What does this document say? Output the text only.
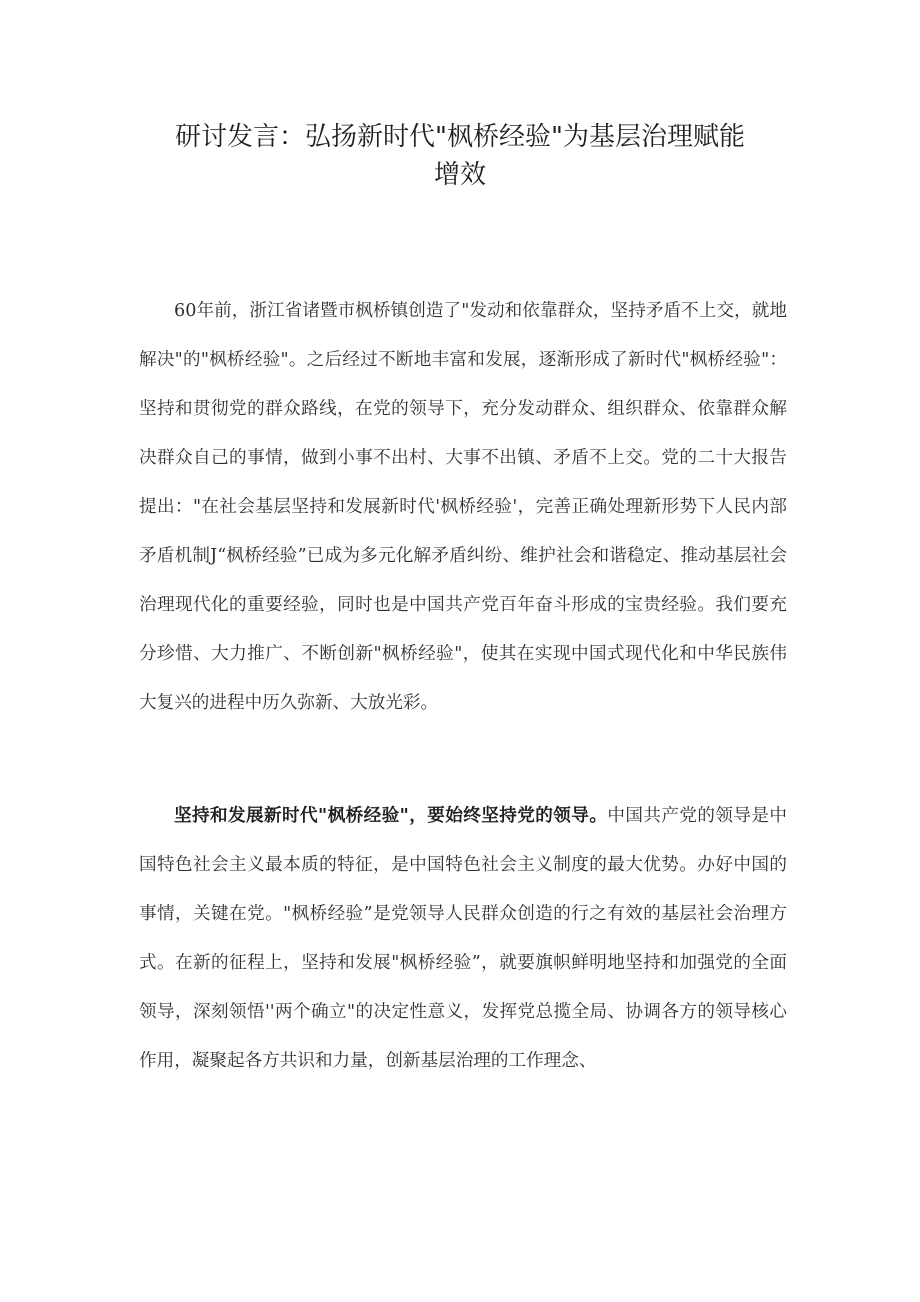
研讨发言：弘扬新时代"枫桥经验"为基层治理赋能
增效

60年前，浙江省诸暨市枫桥镇创造了"发动和依靠群众，坚持矛盾不上交，就地解决"的"枫桥经验"。之后经过不断地丰富和发展，逐渐形成了新时代"枫桥经验"：坚持和贯彻党的群众路线，在党的领导下，充分发动群众、组织群众、依靠群众解决群众自己的事情，做到小事不出村、大事不出镇、矛盾不上交。党的二十大报告提出："在社会基层坚持和发展新时代'枫桥经验'，完善正确处理新形势下人民内部矛盾机制J“枫桥经验”已成为多元化解矛盾纠纷、维护社会和谐稳定、推动基层社会治理现代化的重要经验，同时也是中国共产党百年奋斗形成的宝贵经验。我们要充分珍惜、大力推广、不断创新"枫桥经验"，使其在实现中国式现代化和中华民族伟大复兴的进程中历久弥新、大放光彩。

坚持和发展新时代"枫桥经验"，要始终坚持党的领导。中国共产党的领导是中国特色社会主义最本质的特征，是中国特色社会主义制度的最大优势。办好中国的事情，关键在党。"枫桥经验”是党领导人民群众创造的行之有效的基层社会治理方式。在新的征程上，坚持和发展"枫桥经验”，就要旗帜鲜明地坚持和加强党的全面领导，深刻领悟''两个确立"的决定性意义，发挥党总揽全局、协调各方的领导核心作用，凝聚起各方共识和力量，创新基层治理的工作理念、
